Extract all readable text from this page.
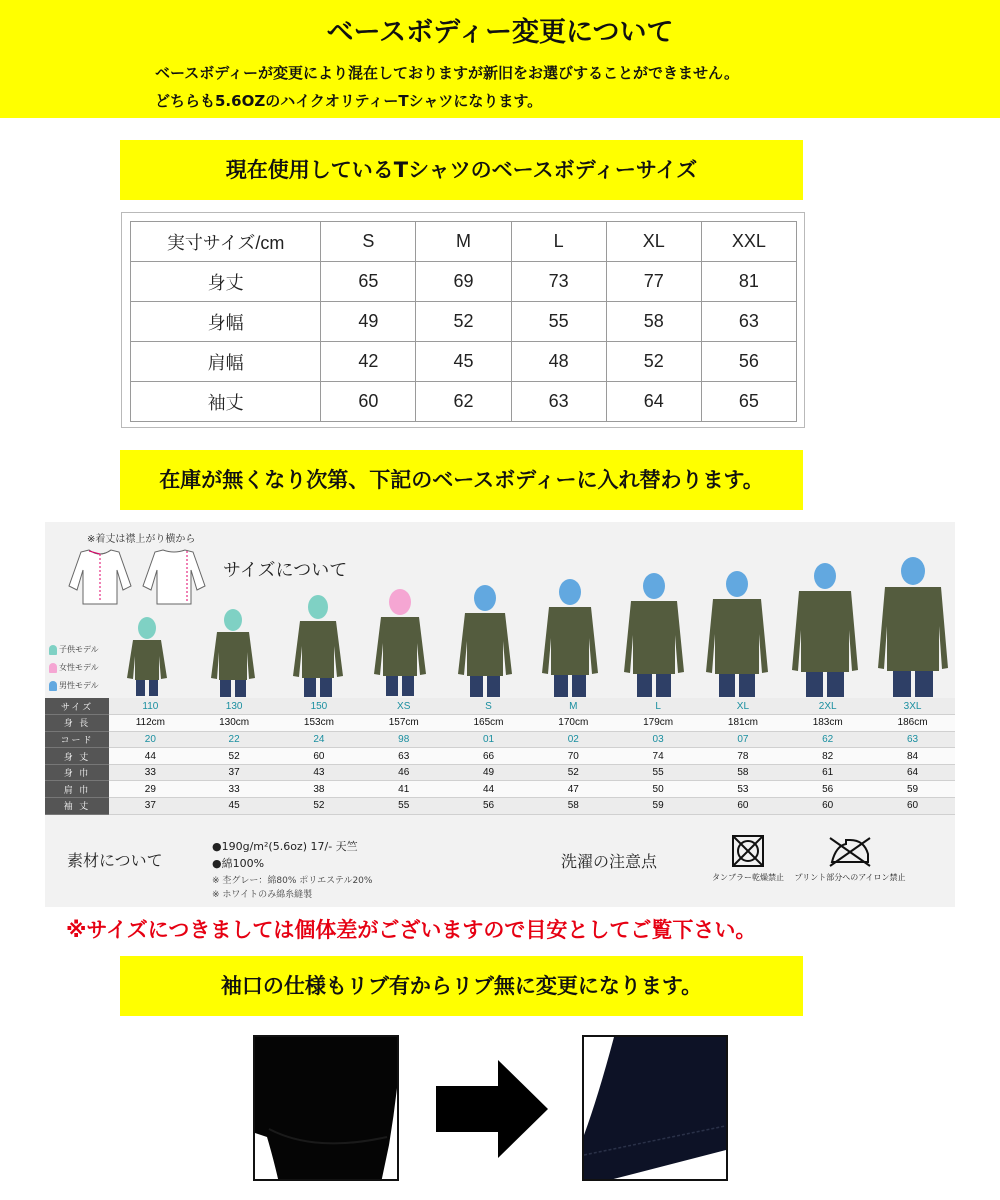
ベースボディー変更について
ベースボディーが変更により混在しておりますが新旧をお選びすることができません。
どちらも5.6OZのハイクオリティーTシャツになります。
現在使用しているTシャツのベースボディーサイズ
実寸サイズ/cm	S	M	L	XL	XXL
身丈	65	69	73	77	81
身幅	49	52	55	58	63
肩幅	42	45	48	52	56
袖丈	60	62	63	64	65
在庫が無くなり次第、下記のベースボディーに入れ替わります。
※着丈は襟上がり横から
サイズについて
子供モデル
女性モデル
男性モデル
サイズ	110	130	150	XS	S	M	L	XL	2XL	3XL
身 長	112cm	130cm	153cm	157cm	165cm	170cm	179cm	181cm	183cm	186cm
コード	20	22	24	98	01	02	03	07	62	63
身 丈	44	52	60	63	66	70	74	78	82	84
身 巾	33	37	43	46	49	52	55	58	61	64
肩 巾	29	33	38	41	44	47	50	53	56	59
袖 丈	37	45	52	55	56	58	59	60	60	60
素材について
●190g/m²(5.6oz) 17/- 天竺
●綿100%
※ 杢グレー：綿80% ポリエステル20%
※ ホワイトのみ綿糸縫製
洗濯の注意点
タンブラー乾燥禁止	プリント部分へのアイロン禁止
※サイズにつきましては個体差がございますので目安としてご覧下さい。
袖口の仕様もリブ有からリブ無に変更になります。
